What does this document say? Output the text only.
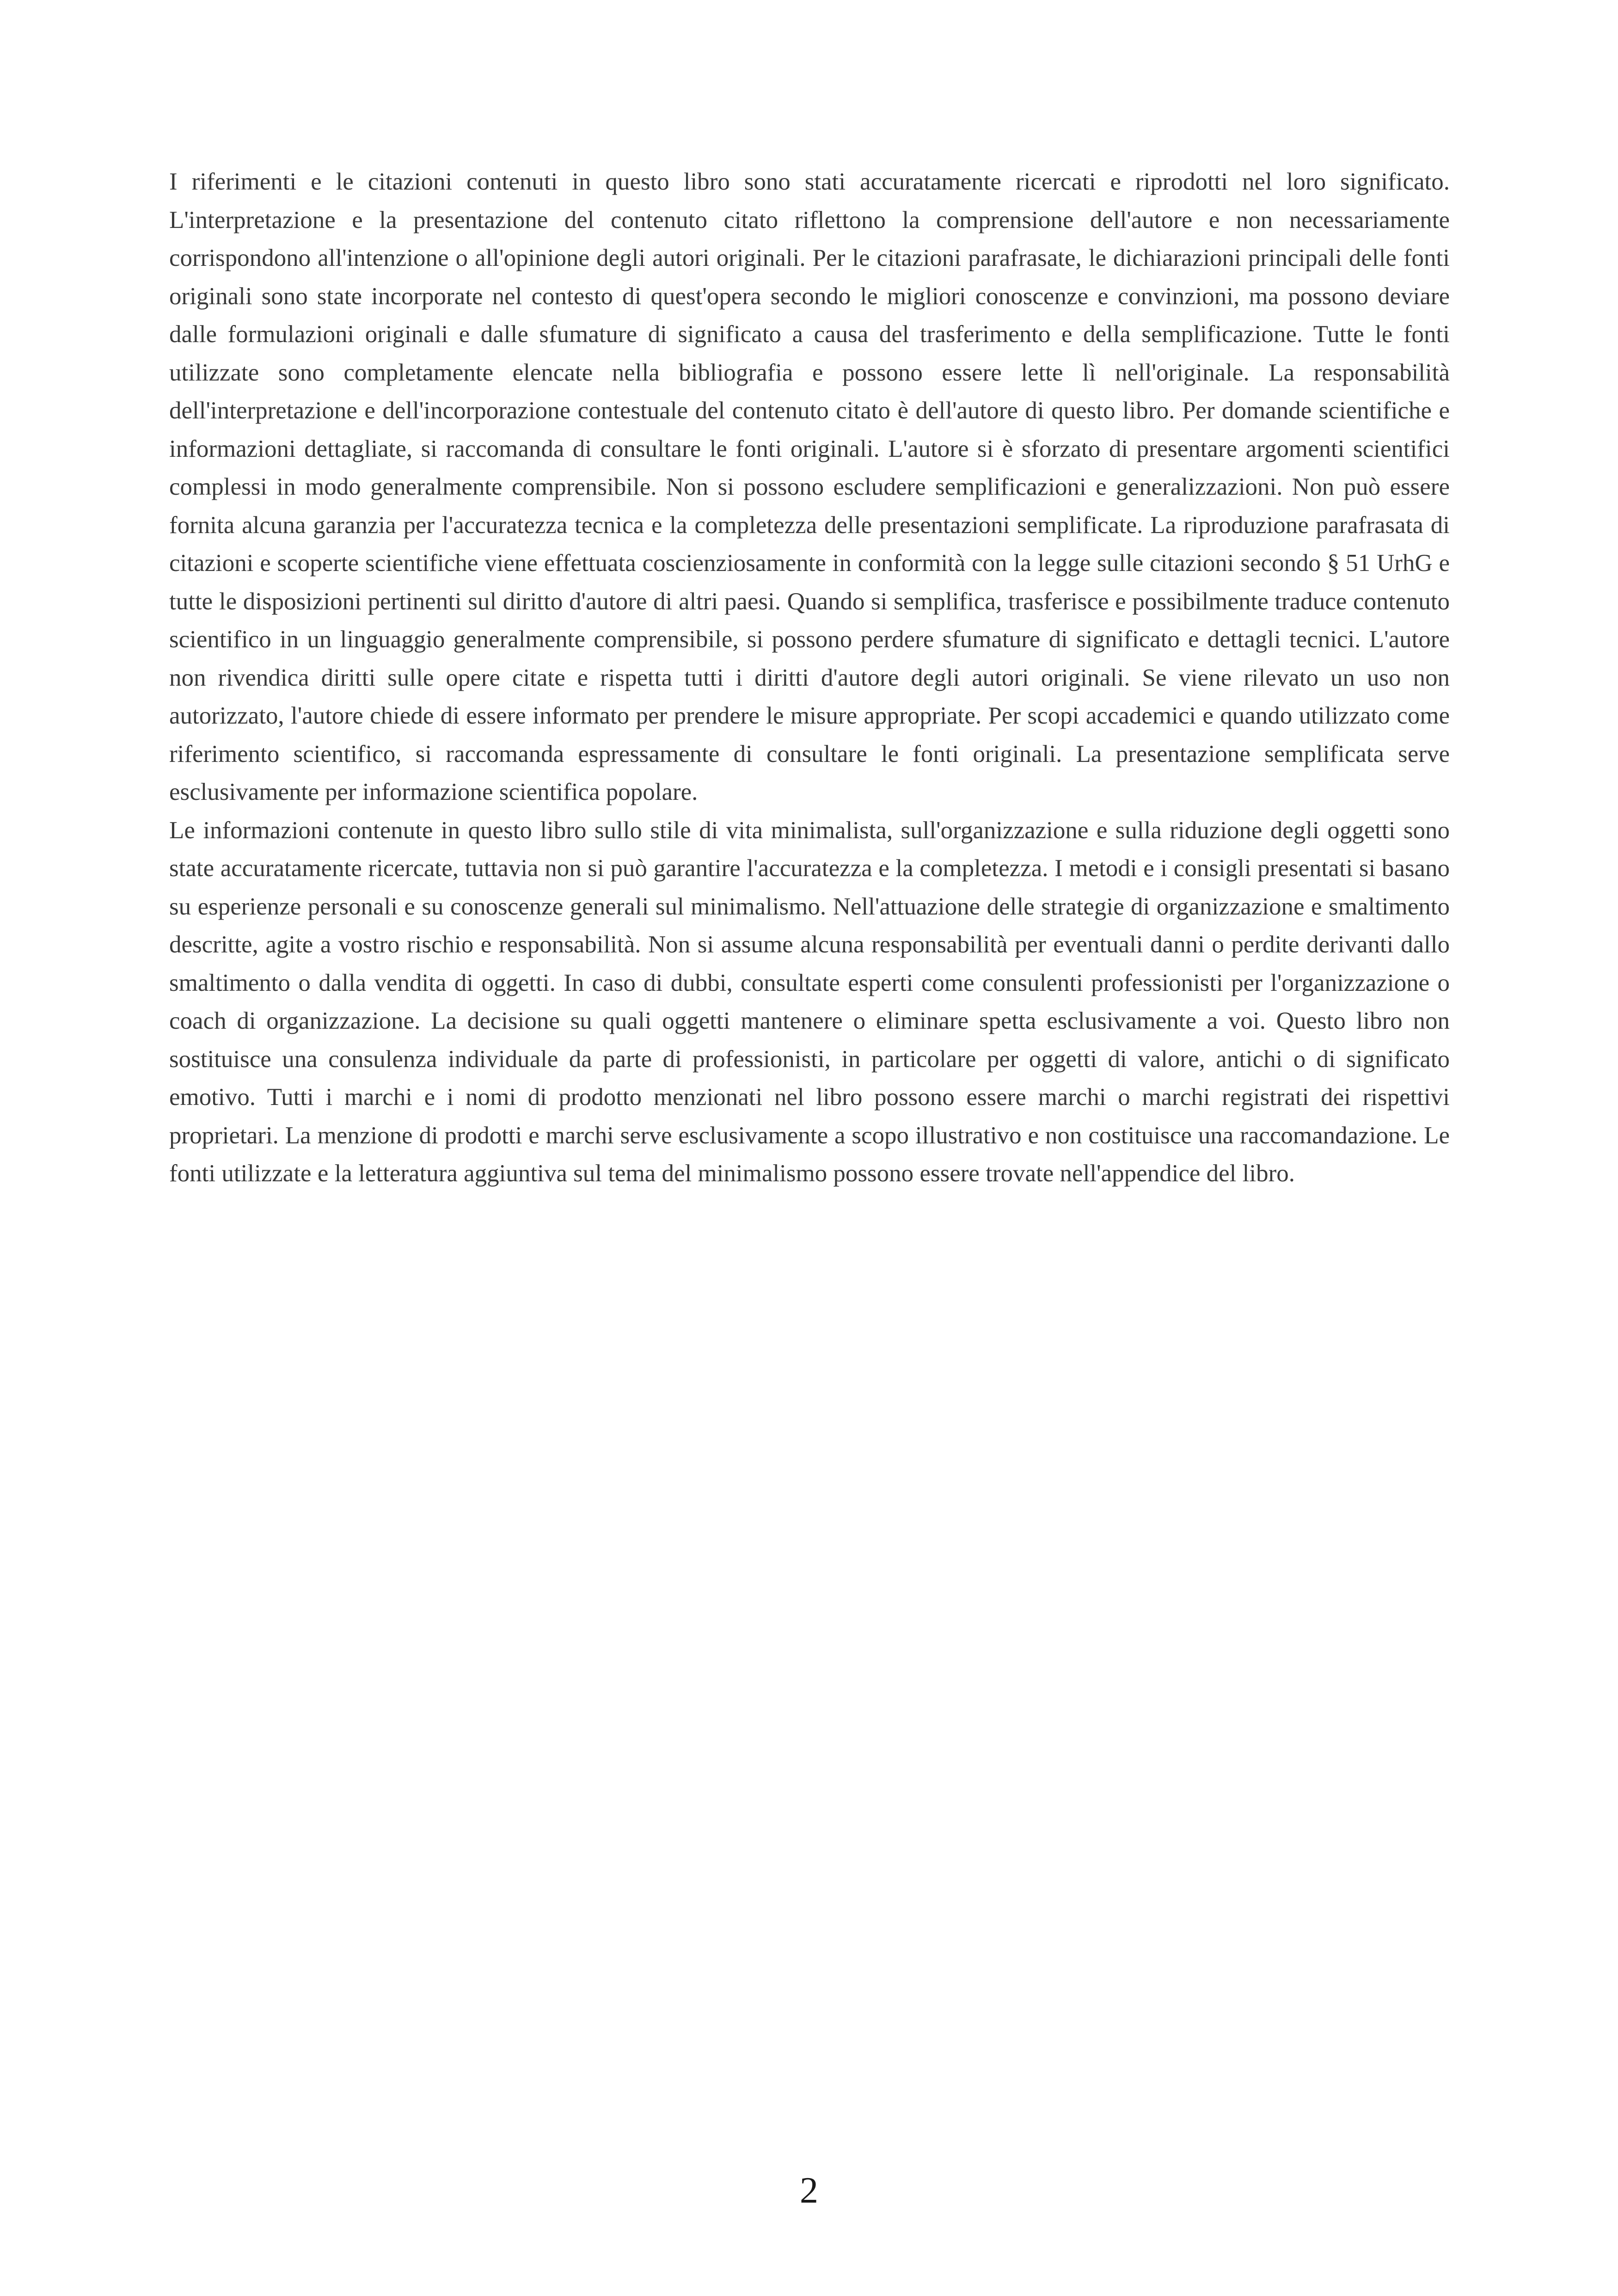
I riferimenti e le citazioni contenuti in questo libro sono stati accuratamente ricercati e riprodotti nel loro significato. L'interpretazione e la presentazione del contenuto citato riflettono la comprensione dell'autore e non necessariamente corrispondono all'intenzione o all'opinione degli autori originali. Per le citazioni parafrasate, le dichiarazioni principali delle fonti originali sono state incorporate nel contesto di quest'opera secondo le migliori conoscenze e convinzioni, ma possono deviare dalle formulazioni originali e dalle sfumature di significato a causa del trasferimento e della semplificazione. Tutte le fonti utilizzate sono completamente elencate nella bibliografia e possono essere lette lì nell'originale. La responsabilità dell'interpretazione e dell'incorporazione contestuale del contenuto citato è dell'autore di questo libro. Per domande scientifiche e informazioni dettagliate, si raccomanda di consultare le fonti originali. L'autore si è sforzato di presentare argomenti scientifici complessi in modo generalmente comprensibile. Non si possono escludere semplificazioni e generalizzazioni. Non può essere fornita alcuna garanzia per l'accuratezza tecnica e la completezza delle presentazioni semplificate. La riproduzione parafrasata di citazioni e scoperte scientifiche viene effettuata coscienziosamente in conformità con la legge sulle citazioni secondo § 51 UrhG e tutte le disposizioni pertinenti sul diritto d'autore di altri paesi. Quando si semplifica, trasferisce e possibilmente traduce contenuto scientifico in un linguaggio generalmente comprensibile, si possono perdere sfumature di significato e dettagli tecnici. L'autore non rivendica diritti sulle opere citate e rispetta tutti i diritti d'autore degli autori originali. Se viene rilevato un uso non autorizzato, l'autore chiede di essere informato per prendere le misure appropriate. Per scopi accademici e quando utilizzato come riferimento scientifico, si raccomanda espressamente di consultare le fonti originali. La presentazione semplificata serve esclusivamente per informazione scientifica popolare.

Le informazioni contenute in questo libro sullo stile di vita minimalista, sull'organizzazione e sulla riduzione degli oggetti sono state accuratamente ricercate, tuttavia non si può garantire l'accuratezza e la completezza. I metodi e i consigli presentati si basano su esperienze personali e su conoscenze generali sul minimalismo. Nell'attuazione delle strategie di organizzazione e smaltimento descritte, agite a vostro rischio e responsabilità. Non si assume alcuna responsabilità per eventuali danni o perdite derivanti dallo smaltimento o dalla vendita di oggetti. In caso di dubbi, consultate esperti come consulenti professionisti per l'organizzazione o coach di organizzazione. La decisione su quali oggetti mantenere o eliminare spetta esclusivamente a voi. Questo libro non sostituisce una consulenza individuale da parte di professionisti, in particolare per oggetti di valore, antichi o di significato emotivo. Tutti i marchi e i nomi di prodotto menzionati nel libro possono essere marchi o marchi registrati dei rispettivi proprietari. La menzione di prodotti e marchi serve esclusivamente a scopo illustrativo e non costituisce una raccomandazione. Le fonti utilizzate e la letteratura aggiuntiva sul tema del minimalismo possono essere trovate nell'appendice del libro.

2
